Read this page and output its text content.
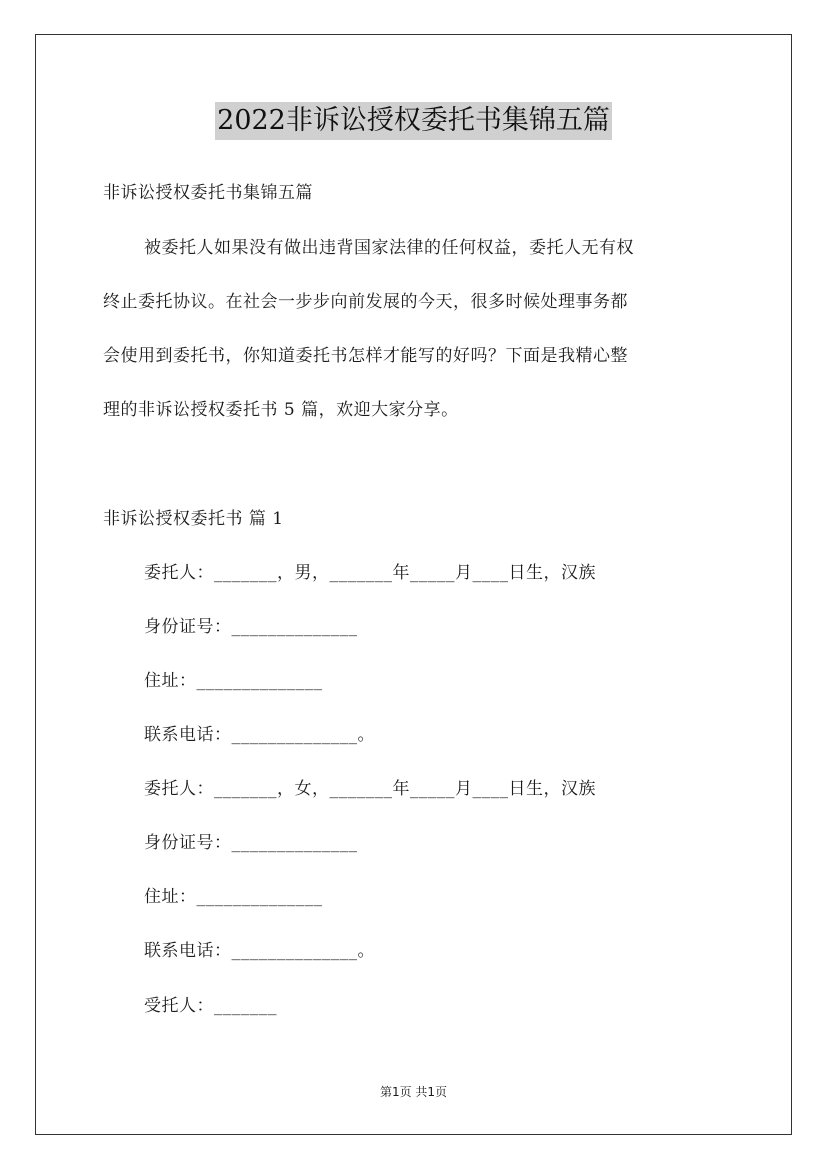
2022非诉讼授权委托书集锦五篇
非诉讼授权委托书集锦五篇
被委托人如果没有做出违背国家法律的任何权益，委托人无有权
终止委托协议。在社会一步步向前发展的今天，很多时候处理事务都
会使用到委托书，你知道委托书怎样才能写的好吗？下面是我精心整
理的非诉讼授权委托书 5 篇，欢迎大家分享。
非诉讼授权委托书 篇 1
委托人：_______，男，_______年_____月____日生，汉族
身份证号：______________
住址：______________
联系电话：______________。
委托人：_______，女，_______年_____月____日生，汉族
身份证号：______________
住址：______________
联系电话：______________。
受托人：_______
第1页 共1页
